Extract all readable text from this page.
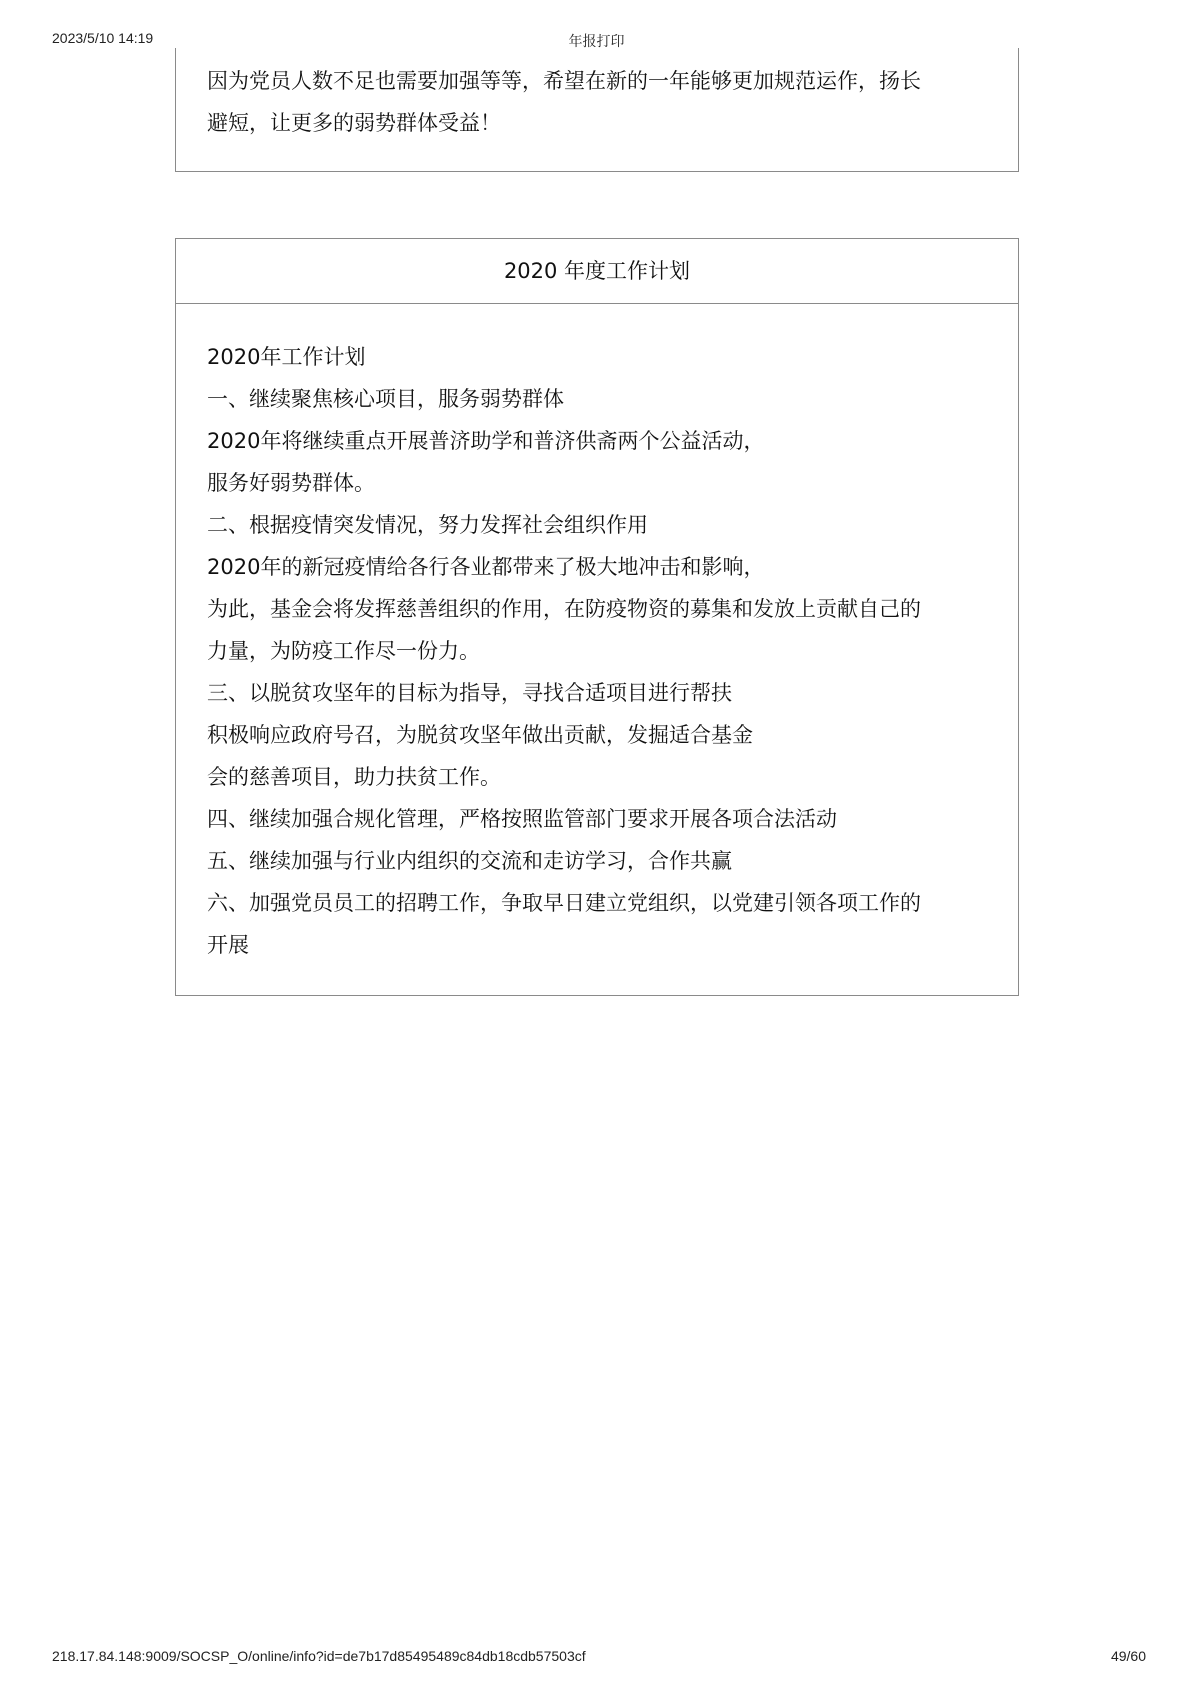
2023/5/10 14:19	年报打印

因为党员人数不足也需要加强等等，希望在新的一年能够更加规范运作，扬长
避短，让更多的弱势群体受益！

2020 年度工作计划
2020年工作计划
一、继续聚焦核心项目，服务弱势群体
2020年将继续重点开展普济助学和普济供斋两个公益活动，
服务好弱势群体。
二、根据疫情突发情况，努力发挥社会组织作用
2020年的新冠疫情给各行各业都带来了极大地冲击和影响，
为此，基金会将发挥慈善组织的作用，在防疫物资的募集和发放上贡献自己的
力量，为防疫工作尽一份力。
三、以脱贫攻坚年的目标为指导，寻找合适项目进行帮扶
积极响应政府号召，为脱贫攻坚年做出贡献，发掘适合基金
会的慈善项目，助力扶贫工作。
四、继续加强合规化管理，严格按照监管部门要求开展各项合法活动
五、继续加强与行业内组织的交流和走访学习，合作共赢
六、加强党员员工的招聘工作，争取早日建立党组织，以党建引领各项工作的
开展
218.17.84.148:9009/SOCSP_O/online/info?id=de7b17d85495489c84db18cdb57503cf	49/60
